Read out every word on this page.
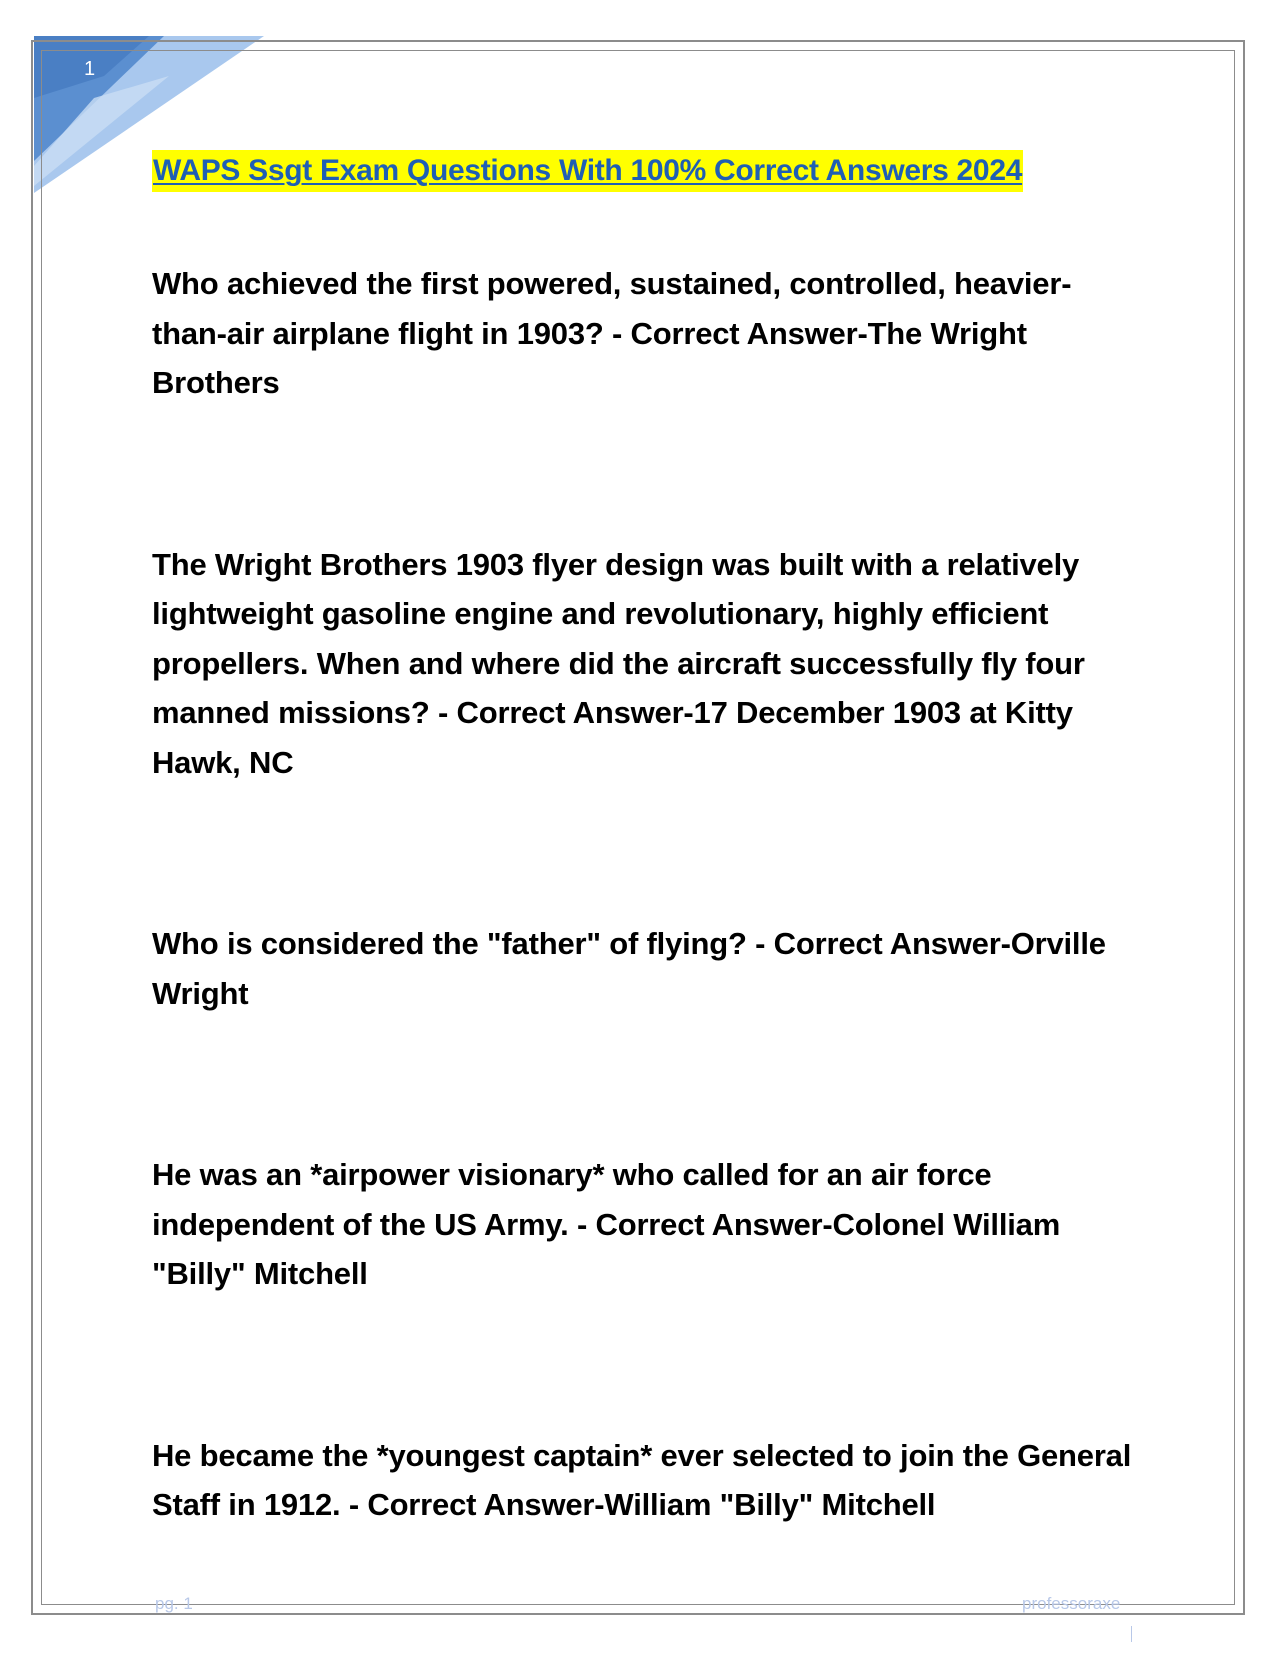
1
WAPS Ssgt Exam Questions With 100% Correct Answers 2024

Who achieved the first powered, sustained, controlled, heavier-than-air airplane flight in 1903? - Correct Answer-The Wright Brothers

The Wright Brothers 1903 flyer design was built with a relatively lightweight gasoline engine and revolutionary, highly efficient propellers. When and where did the aircraft successfully fly four manned missions? - Correct Answer-17 December 1903 at Kitty Hawk, NC

Who is considered the "father" of flying? - Correct Answer-Orville Wright

He was an *airpower visionary* who called for an air force independent of the US Army. - Correct Answer-Colonel William "Billy" Mitchell

He became the *youngest captain* ever selected to join the General Staff in 1912. - Correct Answer-William "Billy" Mitchell

pg. 1	professoraxe
